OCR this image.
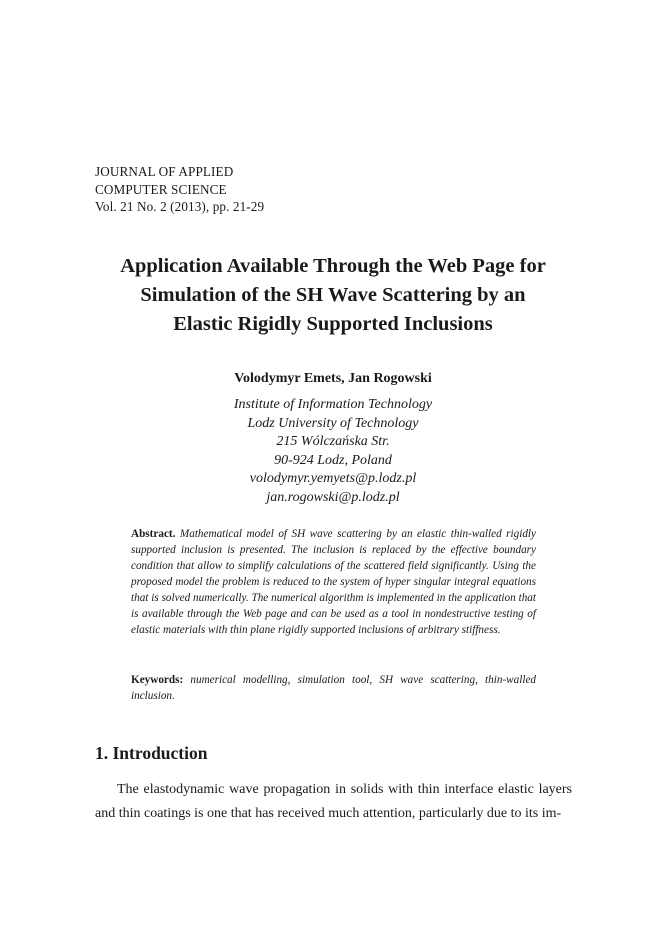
JOURNAL OF APPLIED
COMPUTER SCIENCE
Vol. 21 No. 2 (2013), pp. 21-29
Application Available Through the Web Page for
Simulation of the SH Wave Scattering by an
Elastic Rigidly Supported Inclusions
Volodymyr Emets, Jan Rogowski
Institute of Information Technology
Lodz University of Technology
215 Wólczańska Str.
90-924 Lodz, Poland
volodymyr.yemyets@p.lodz.pl
jan.rogowski@p.lodz.pl
Abstract. Mathematical model of SH wave scattering by an elastic thin-walled rigidly supported inclusion is presented. The inclusion is replaced by the effective boundary condition that allow to simplify calculations of the scattered field significantly. Using the proposed model the problem is reduced to the system of hyper singular integral equations that is solved numerically. The numerical algorithm is implemented in the application that is available through the Web page and can be used as a tool in nondestructive testing of elastic materials with thin plane rigidly supported inclusions of arbitrary stiffness.
Keywords: numerical modelling, simulation tool, SH wave scattering, thin-walled inclusion.
1. Introduction
The elastodynamic wave propagation in solids with thin interface elastic layers and thin coatings is one that has received much attention, particularly due to its im-
